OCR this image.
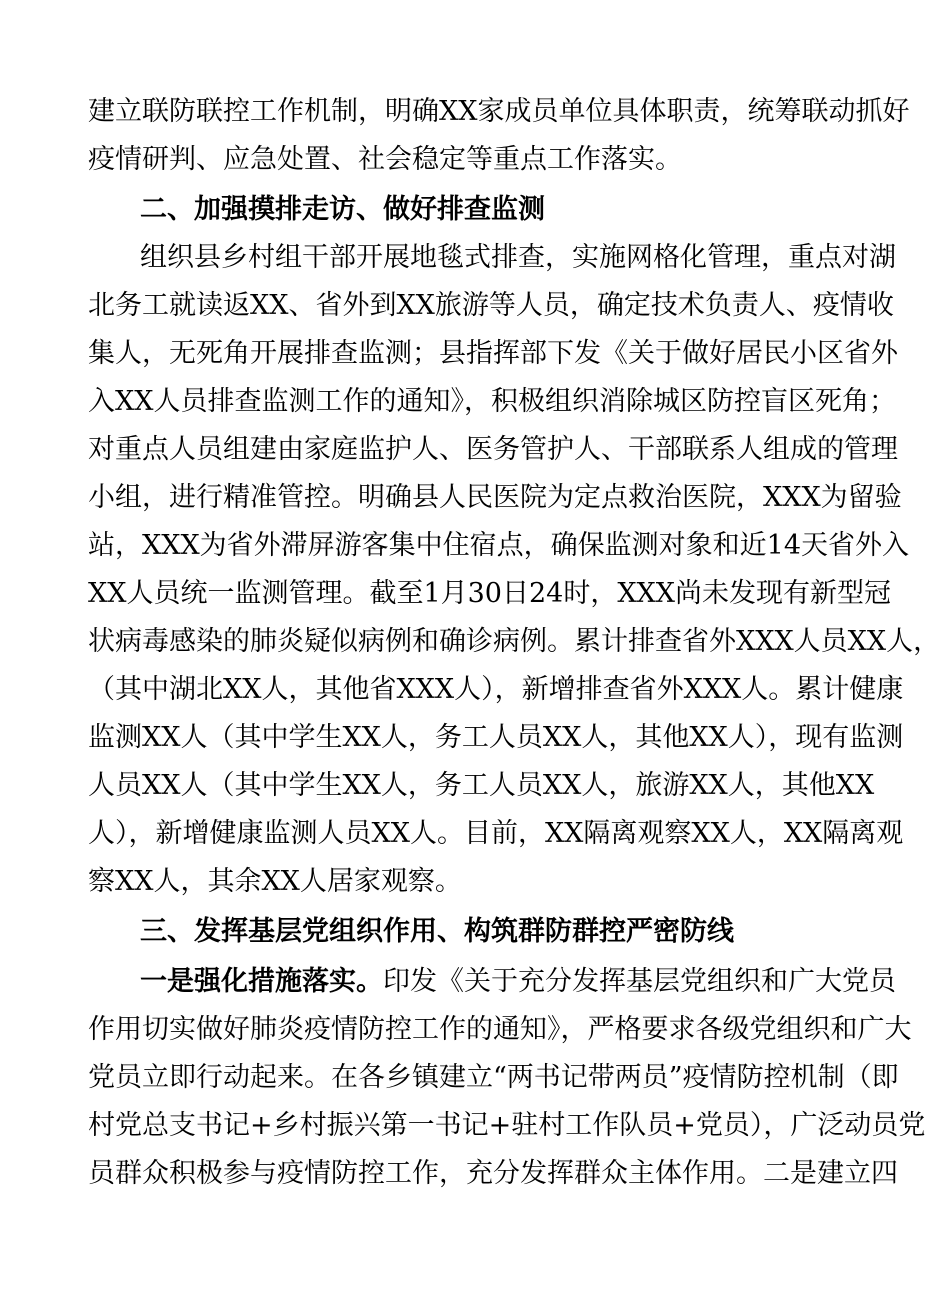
建立联防联控工作机制，明确XX家成员单位具体职责，统筹联动抓好
疫情研判、应急处置、社会稳定等重点工作落实。
二、加强摸排走访、做好排查监测
组织县乡村组干部开展地毯式排查，实施网格化管理，重点对湖
北务工就读返XX、省外到XX旅游等人员，确定技术负责人、疫情收
集人，无死角开展排查监测；县指挥部下发《关于做好居民小区省外
入XX人员排查监测工作的通知》，积极组织消除城区防控盲区死角；
对重点人员组建由家庭监护人、医务管护人、干部联系人组成的管理
小组，进行精准管控。明确县人民医院为定点救治医院，XXX为留验
站，XXX为省外滞屏游客集中住宿点，确保监测对象和近14天省外入
XX人员统一监测管理。截至1月30日24时，XXX尚未发现有新型冠
状病毒感染的肺炎疑似病例和确诊病例。累计排查省外XXX人员XX人，
（其中湖北XX人，其他省XXX人），新增排查省外XXX人。累计健康
监测XX人（其中学生XX人，务工人员XX人，其他XX人），现有监测
人员XX人（其中学生XX人，务工人员XX人，旅游XX人，其他XX
人），新增健康监测人员XX人。目前，XX隔离观察XX人，XX隔离观
察XX人，其余XX人居家观察。
三、发挥基层党组织作用、构筑群防群控严密防线
一是强化措施落实。印发《关于充分发挥基层党组织和广大党员
作用切实做好肺炎疫情防控工作的通知》，严格要求各级党组织和广大
党员立即行动起来。在各乡镇建立“两书记带两员”疫情防控机制（即
村党总支书记+乡村振兴第一书记+驻村工作队员+党员），广泛动员党
员群众积极参与疫情防控工作，充分发挥群众主体作用。二是建立四
